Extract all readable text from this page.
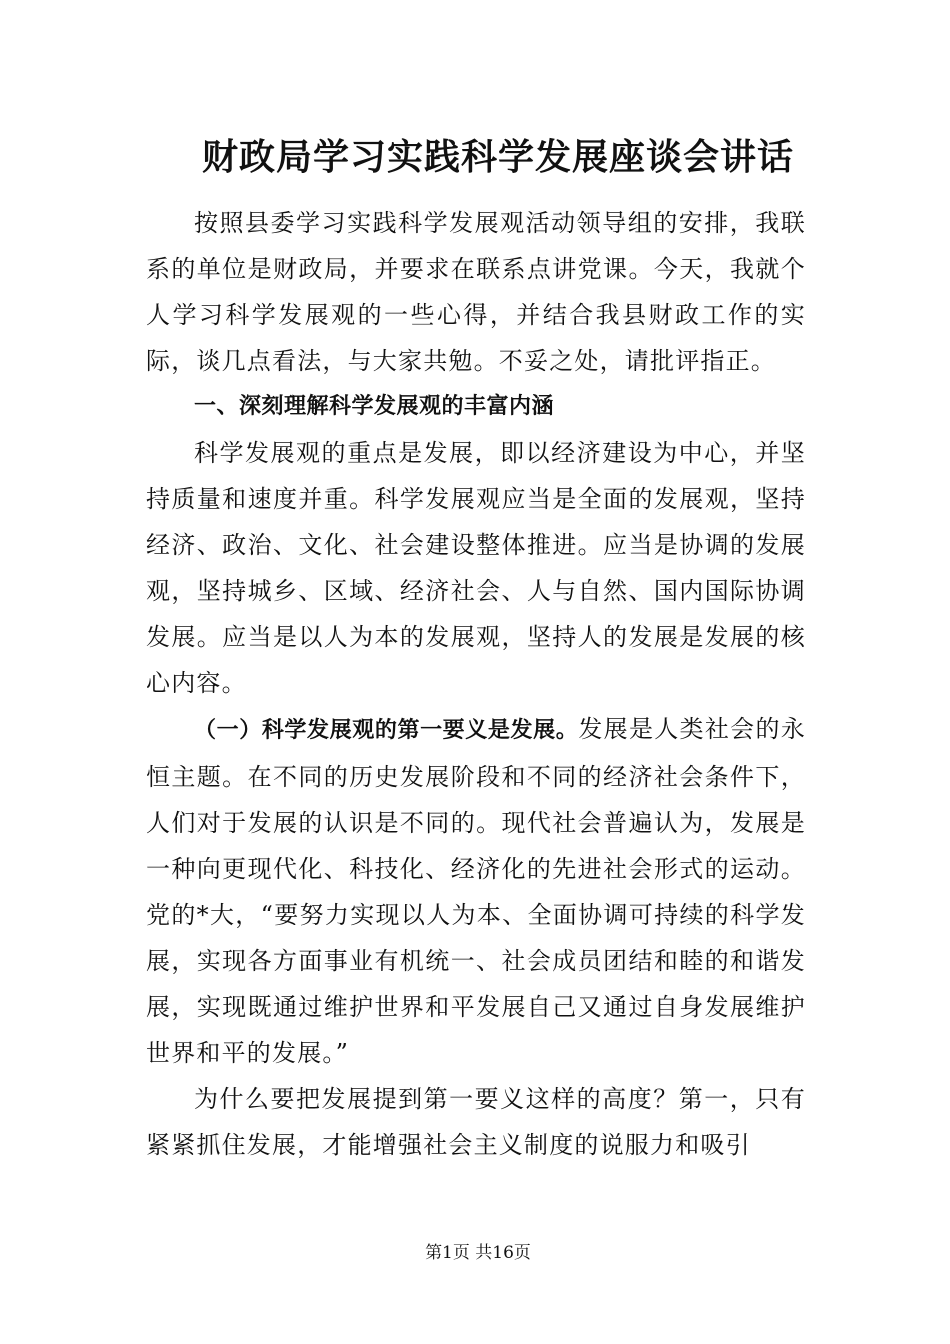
财政局学习实践科学发展座谈会讲话

按照县委学习实践科学发展观活动领导组的安排，我联系的单位是财政局，并要求在联系点讲党课。今天，我就个人学习科学发展观的一些心得，并结合我县财政工作的实际，谈几点看法，与大家共勉。不妥之处，请批评指正。

一、深刻理解科学发展观的丰富内涵

科学发展观的重点是发展，即以经济建设为中心，并坚持质量和速度并重。科学发展观应当是全面的发展观，坚持经济、政治、文化、社会建设整体推进。应当是协调的发展观，坚持城乡、区域、经济社会、人与自然、国内国际协调发展。应当是以人为本的发展观，坚持人的发展是发展的核心内容。

（一）科学发展观的第一要义是发展。发展是人类社会的永恒主题。在不同的历史发展阶段和不同的经济社会条件下，人们对于发展的认识是不同的。现代社会普遍认为，发展是一种向更现代化、科技化、经济化的先进社会形式的运动。党的*大，“要努力实现以人为本、全面协调可持续的科学发展，实现各方面事业有机统一、社会成员团结和睦的和谐发展，实现既通过维护世界和平发展自己又通过自身发展维护世界和平的发展。”

为什么要把发展提到第一要义这样的高度？第一，只有紧紧抓住发展，才能增强社会主义制度的说服力和吸引

第1页 共16页
